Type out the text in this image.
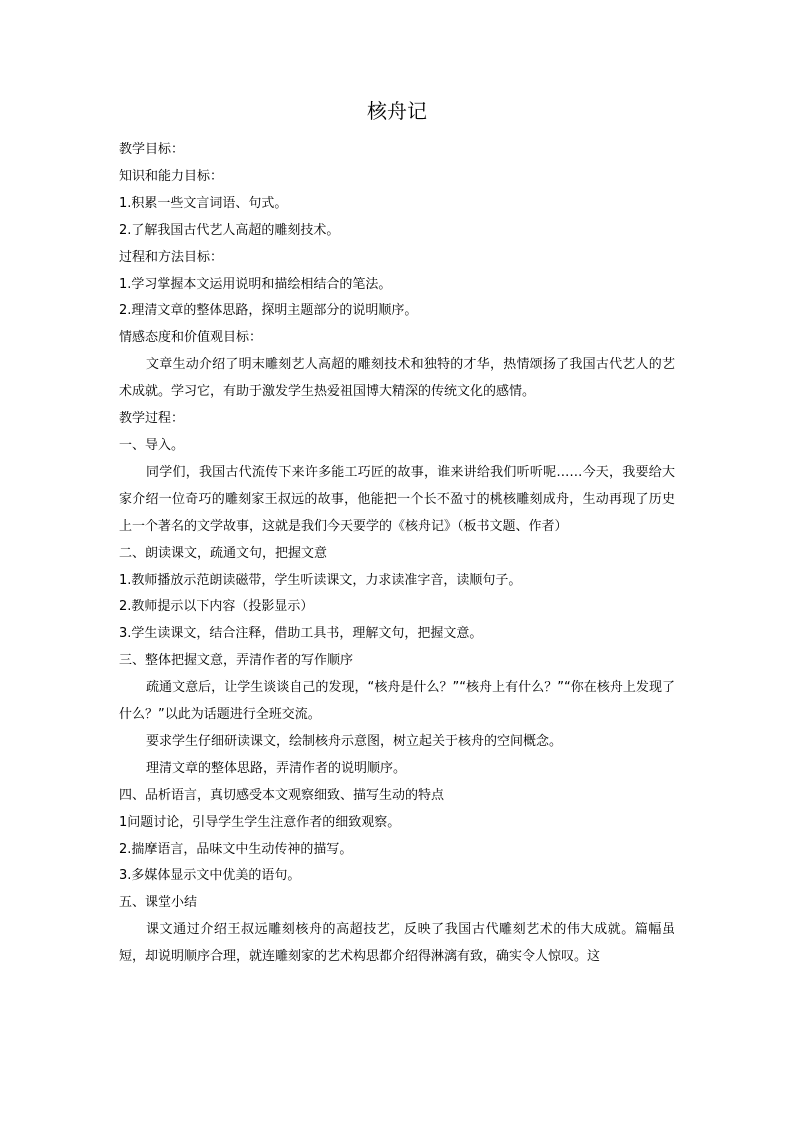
核舟记

教学目标：

知识和能力目标：

1.积累一些文言词语、句式。

2.了解我国古代艺人高超的雕刻技术。

过程和方法目标：

1.学习掌握本文运用说明和描绘相结合的笔法。

2.理清文章的整体思路，探明主题部分的说明顺序。

情感态度和价值观目标：

文章生动介绍了明末雕刻艺人高超的雕刻技术和独特的才华，热情颂扬了我国古代艺人的艺术成就。学习它，有助于激发学生热爱祖国博大精深的传统文化的感情。

教学过程：

一、导入。

同学们，我国古代流传下来许多能工巧匠的故事，谁来讲给我们听听呢……今天，我要给大家介绍一位奇巧的雕刻家王叔远的故事，他能把一个长不盈寸的桃核雕刻成舟，生动再现了历史上一个著名的文学故事，这就是我们今天要学的《核舟记》（板书文题、作者）

二、朗读课文，疏通文句，把握文意

1.教师播放示范朗读磁带，学生听读课文，力求读准字音，读顺句子。

2.教师提示以下内容（投影显示）

3.学生读课文，结合注释，借助工具书，理解文句，把握文意。

三、整体把握文意，弄清作者的写作顺序

疏通文意后，让学生谈谈自己的发现，“核舟是什么？”“核舟上有什么？”“你在核舟上发现了什么？”以此为话题进行全班交流。

要求学生仔细研读课文，绘制核舟示意图，树立起关于核舟的空间概念。

理清文章的整体思路，弄清作者的说明顺序。

四、品析语言，真切感受本文观察细致、描写生动的特点

1问题讨论，引导学生学生注意作者的细致观察。

2.揣摩语言，品味文中生动传神的描写。

3.多媒体显示文中优美的语句。

五、课堂小结

课文通过介绍王叔远雕刻核舟的高超技艺，反映了我国古代雕刻艺术的伟大成就。篇幅虽短，却说明顺序合理，就连雕刻家的艺术构思都介绍得淋漓有致，确实令人惊叹。这
